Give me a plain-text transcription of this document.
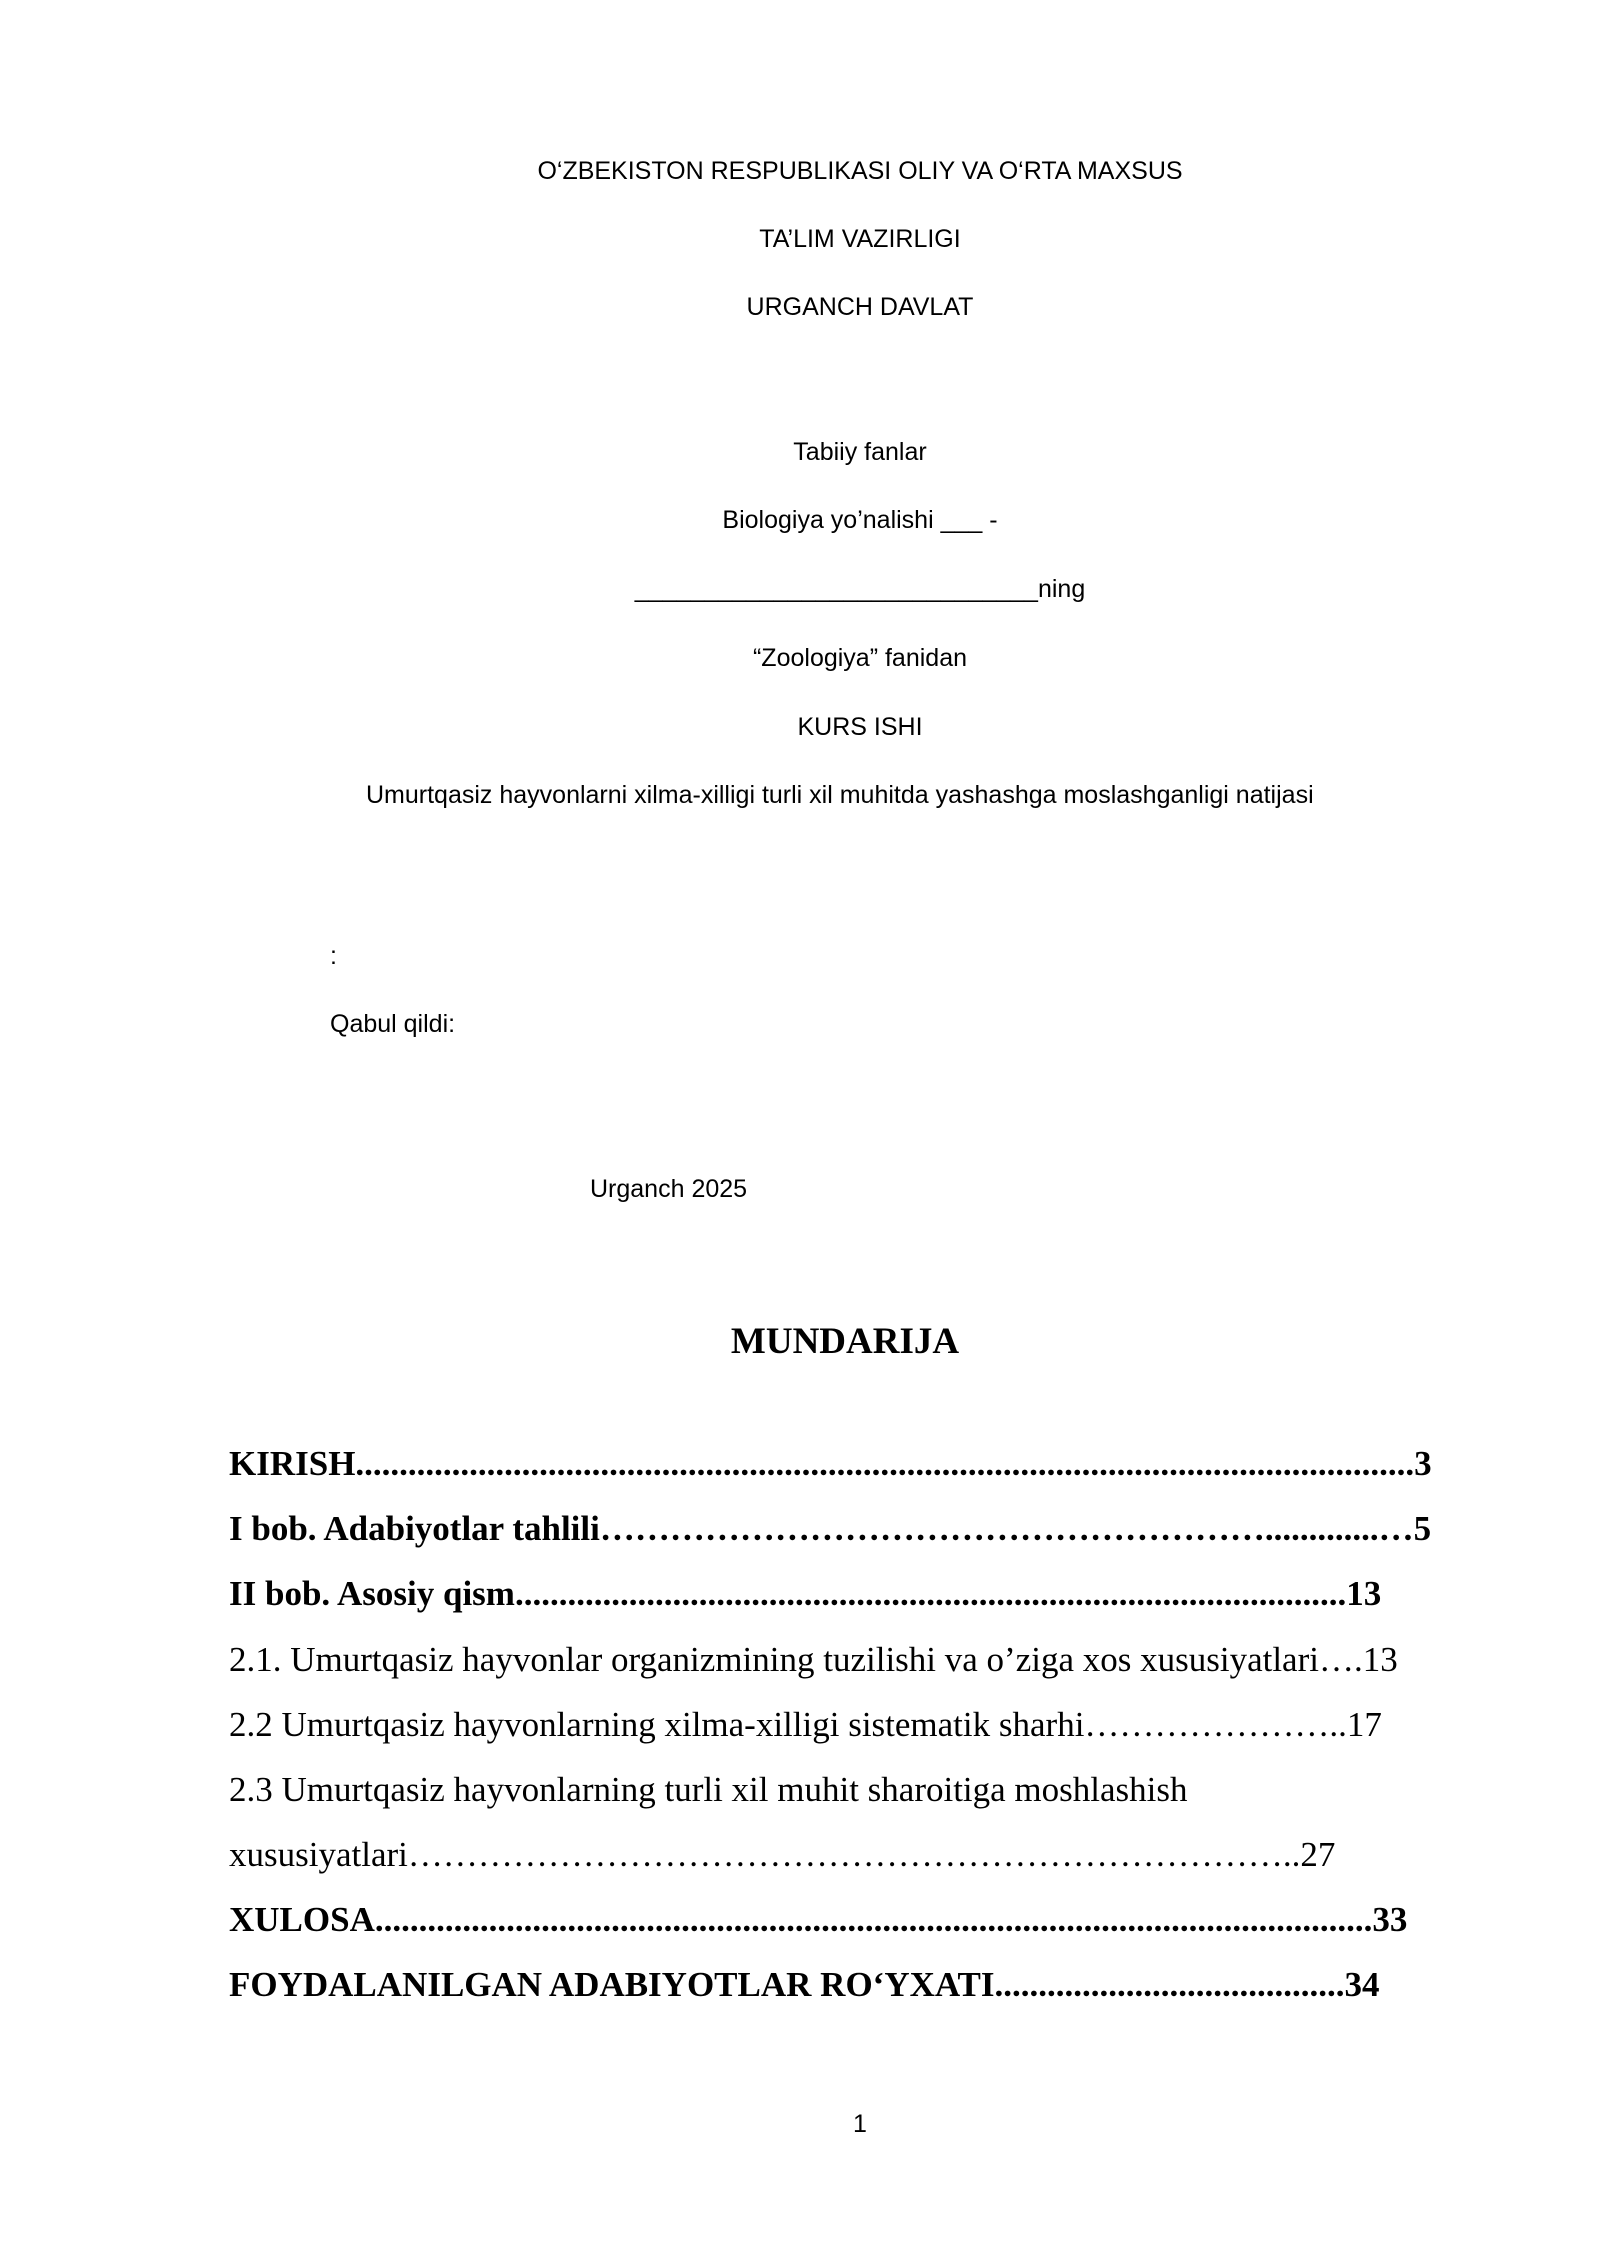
O‘ZBEKISTON RESPUBLIKASI OLIY VA O‘RTA MAXSUS
TA’LIM VAZIRLIGI
URGANCH DAVLAT
Tabiiy fanlar
Biologiya yo’nalishi ___ -
_____________________________ning
“Zoologiya” fanidan
KURS ISHI
Umurtqasiz hayvonlarni xilma-xilligi turli xil muhitda yashashga moslashganligi natijasi
:
Qabul qildi:
Urganch 2025
MUNDARIJA
KIRISH.........................................................................................................................3
I bob. Adabiyotlar tahlili………………………………………………….............…5
II bob. Asosiy qism...............................................................................................13
2.1. Umurtqasiz hayvonlar organizmining tuzilishi va o’ziga xos xususiyatlari….13
2.2 Umurtqasiz hayvonlarning xilma-xilligi sistematik sharhi…………………..17
2.3 Umurtqasiz hayvonlarning turli xil muhit sharoitiga moshlashish
xususiyatlari…………………………………………………………………..27
XULOSA..................................................................................................................33
FOYDALANILGAN ADABIYOTLAR RO‘YXATI........................................34
1
